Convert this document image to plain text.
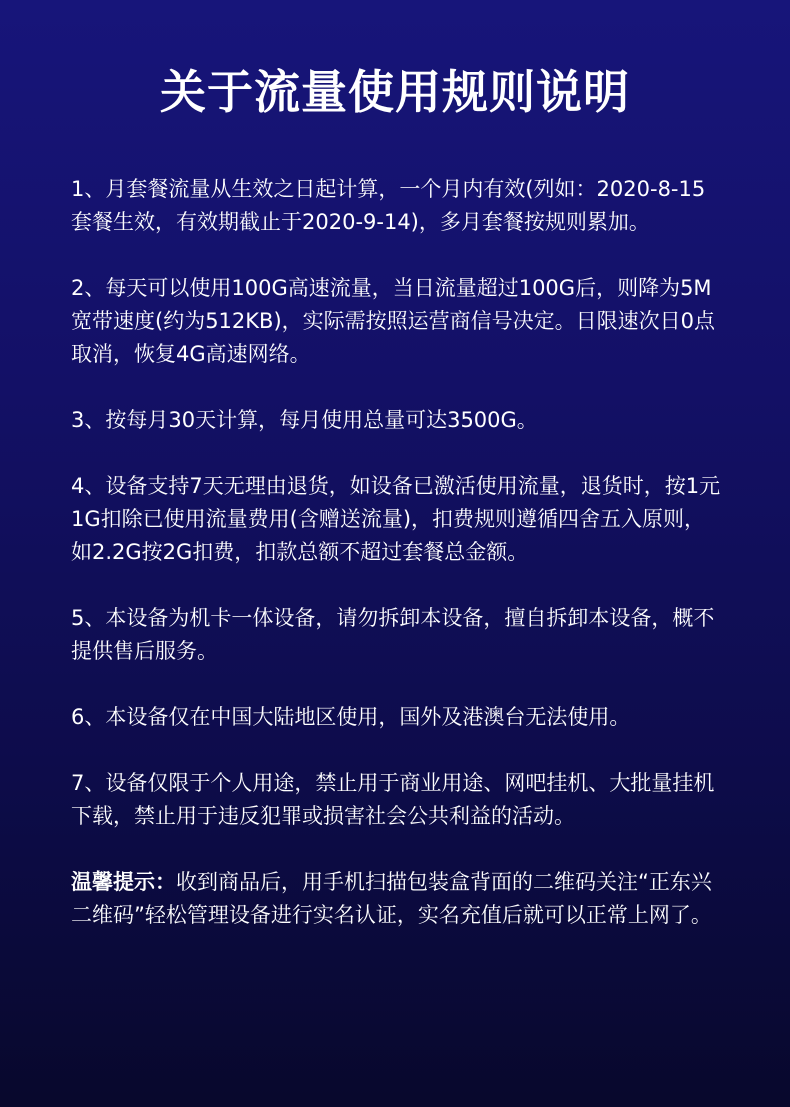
关于流量使用规则说明

1、月套餐流量从生效之日起计算，一个月内有效(列如：2020-8-15套餐生效，有效期截止于2020-9-14)，多月套餐按规则累加。

2、每天可以使用100G高速流量，当日流量超过100G后，则降为5M宽带速度(约为512KB)，实际需按照运营商信号决定。日限速次日0点取消，恢复4G高速网络。

3、按每月30天计算，每月使用总量可达3500G。

4、设备支持7天无理由退货，如设备已激活使用流量，退货时，按1元1G扣除已使用流量费用(含赠送流量)，扣费规则遵循四舍五入原则，如2.2G按2G扣费，扣款总额不超过套餐总金额。

5、本设备为机卡一体设备，请勿拆卸本设备，擅自拆卸本设备，概不提供售后服务。

6、本设备仅在中国大陆地区使用，国外及港澳台无法使用。

7、设备仅限于个人用途，禁止用于商业用途、网吧挂机、大批量挂机下载，禁止用于违反犯罪或损害社会公共利益的活动。

温馨提示：收到商品后，用手机扫描包装盒背面的二维码关注“正东兴二维码”轻松管理设备进行实名认证，实名充值后就可以正常上网了。
